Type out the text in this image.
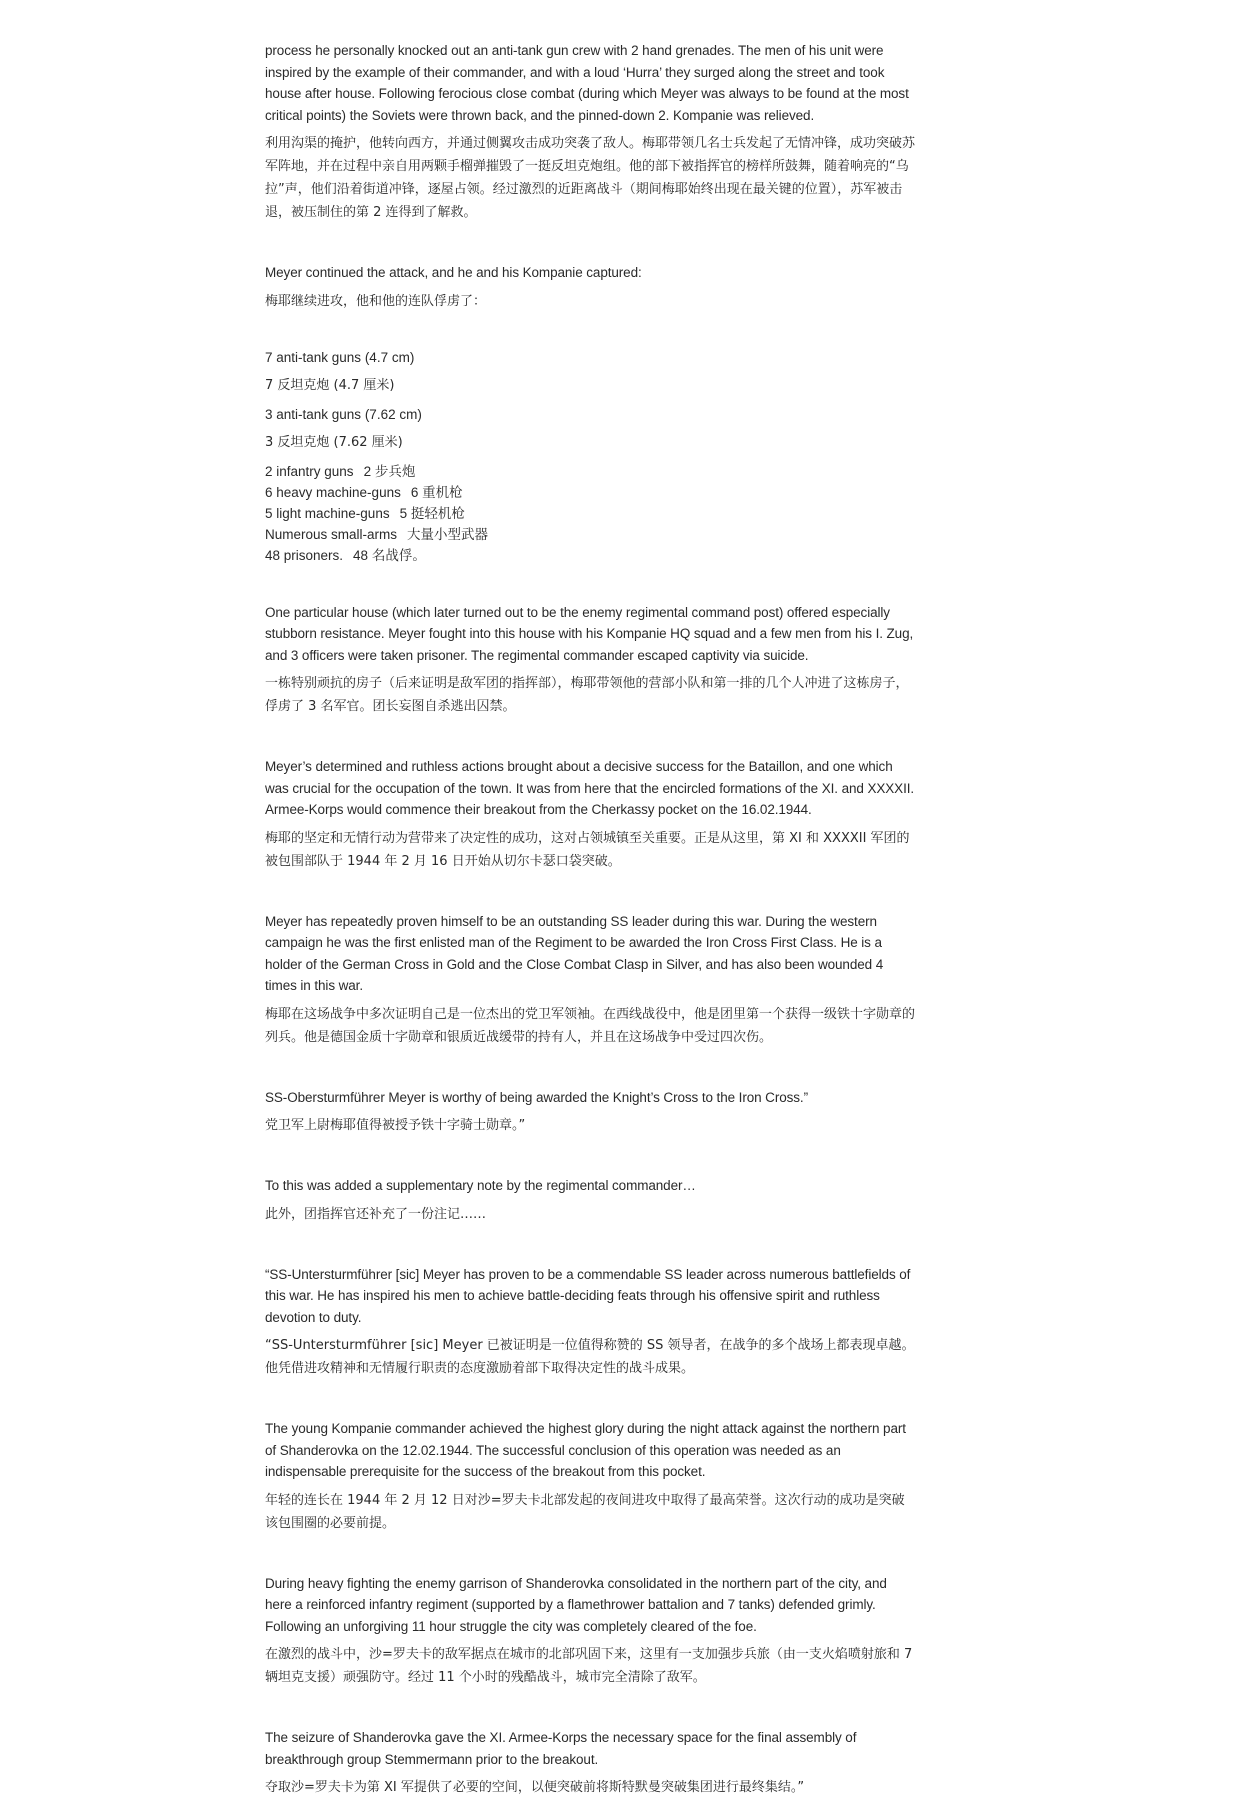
process he personally knocked out an anti-tank gun crew with 2 hand grenades. The men of his unit were inspired by the example of their commander, and with a loud ‘Hurra’ they surged along the street and took house after house. Following ferocious close combat (during which Meyer was always to be found at the most critical points) the Soviets were thrown back, and the pinned-down 2. Kompanie was relieved.

利用沟渠的掩护，他转向西方，并通过侧翼攻击成功突袭了敌人。梅耶带领几名士兵发起了无情冲锋，成功突破苏军阵地，并在过程中亲自用两颗手榴弹摧毁了一挺反坦克炮组。他的部下被指挥官的榜样所鼓舞，随着响亮的“乌拉”声，他们沿着街道冲锋，逐屋占领。经过激烈的近距离战斗（期间梅耶始终出现在最关键的位置），苏军被击退，被压制住的第 2 连得到了解救。

Meyer continued the attack, and he and his Kompanie captured:

梅耶继续进攻，他和他的连队俘虏了：

7 anti-tank guns (4.7 cm)

7 反坦克炮 (4.7 厘米)

3 anti-tank guns (7.62 cm)

3 反坦克炮 (7.62 厘米)

2 infantry guns 2 步兵炮

6 heavy machine-guns 6 重机枪

5 light machine-guns 5 挺轻机枪

Numerous small-arms 大量小型武器

48 prisoners. 48 名战俘。

One particular house (which later turned out to be the enemy regimental command post) offered especially stubborn resistance. Meyer fought into this house with his Kompanie HQ squad and a few men from his I. Zug, and 3 officers were taken prisoner. The regimental commander escaped captivity via suicide.

一栋特别顽抗的房子（后来证明是敌军团的指挥部），梅耶带领他的营部小队和第一排的几个人冲进了这栋房子，俘虏了 3 名军官。团长妄图自杀逃出囚禁。

Meyer’s determined and ruthless actions brought about a decisive success for the Bataillon, and one which was crucial for the occupation of the town. It was from here that the encircled formations of the XI. and XXXXII. Armee-Korps would commence their breakout from the Cherkassy pocket on the 16.02.1944.

梅耶的坚定和无情行动为营带来了决定性的成功，这对占领城镇至关重要。正是从这里，第 XI 和 XXXXII 军团的被包围部队于 1944 年 2 月 16 日开始从切尔卡瑟口袋突破。

Meyer has repeatedly proven himself to be an outstanding SS leader during this war. During the western campaign he was the first enlisted man of the Regiment to be awarded the Iron Cross First Class. He is a holder of the German Cross in Gold and the Close Combat Clasp in Silver, and has also been wounded 4 times in this war.

梅耶在这场战争中多次证明自己是一位杰出的党卫军领袖。在西线战役中，他是团里第一个获得一级铁十字勋章的列兵。他是德国金质十字勋章和银质近战缓带的持有人，并且在这场战争中受过四次伤。

SS-Obersturmführer Meyer is worthy of being awarded the Knight’s Cross to the Iron Cross.”

党卫军上尉梅耶值得被授予铁十字骑士勋章。”

To this was added a supplementary note by the regimental commander…

此外，团指挥官还补充了一份注记……

“SS-Untersturmführer [sic] Meyer has proven to be a commendable SS leader across numerous battlefields of this war. He has inspired his men to achieve battle-deciding feats through his offensive spirit and ruthless devotion to duty.

“SS-Untersturmführer [sic] Meyer 已被证明是一位值得称赞的 SS 领导者，在战争的多个战场上都表现卓越。他凭借进攻精神和无情履行职责的态度激励着部下取得决定性的战斗成果。

The young Kompanie commander achieved the highest glory during the night attack against the northern part of Shanderovka on the 12.02.1944. The successful conclusion of this operation was needed as an indispensable prerequisite for the success of the breakout from this pocket.

年轻的连长在 1944 年 2 月 12 日对沙=罗夫卡北部发起的夜间进攻中取得了最高荣誉。这次行动的成功是突破该包围圈的必要前提。

During heavy fighting the enemy garrison of Shanderovka consolidated in the northern part of the city, and here a reinforced infantry regiment (supported by a flamethrower battalion and 7 tanks) defended grimly. Following an unforgiving 11 hour struggle the city was completely cleared of the foe.

在激烈的战斗中，沙=罗夫卡的敌军据点在城市的北部巩固下来，这里有一支加强步兵旅（由一支火焰喷射旅和 7 辆坦克支援）顽强防守。经过 11 个小时的残酷战斗，城市完全清除了敌军。

The seizure of Shanderovka gave the XI. Armee-Korps the necessary space for the final assembly of breakthrough group Stemmermann prior to the breakout.

夺取沙=罗夫卡为第 XI 军提供了必要的空间，以便突破前将斯特默曼突破集团进行最终集结。”
